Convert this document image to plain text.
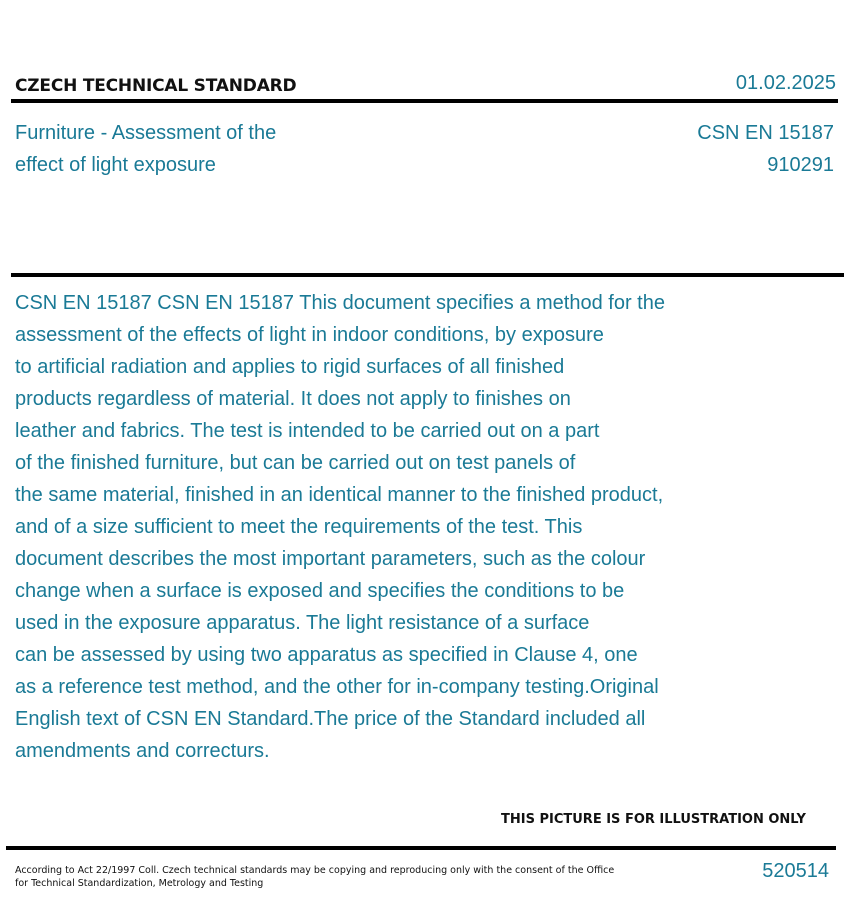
CZECH TECHNICAL STANDARD	01.02.2025
Furniture - Assessment of the
effect of light exposure
CSN EN 15187
910291
CSN EN 15187 CSN EN 15187 This document specifies a method for the
assessment of the effects of light in indoor conditions, by exposure
to artificial radiation and applies to rigid surfaces of all finished
products regardless of material. It does not apply to finishes on
leather and fabrics. The test is intended to be carried out on a part
of the finished furniture, but can be carried out on test panels of
the same material, finished in an identical manner to the finished product,
and of a size sufficient to meet the requirements of the test. This
document describes the most important parameters, such as the colour
change when a surface is exposed and specifies the conditions to be
used in the exposure apparatus. The light resistance of a surface
can be assessed by using two apparatus as specified in Clause 4, one
as a reference test method, and the other for in-company testing.Original
English text of CSN EN Standard.The price of the Standard included all
amendments and correcturs.
THIS PICTURE IS FOR ILLUSTRATION ONLY
According to Act 22/1997 Coll. Czech technical standards may be copying and reproducing only with the consent of the Office
for Technical Standardization, Metrology and Testing
520514
